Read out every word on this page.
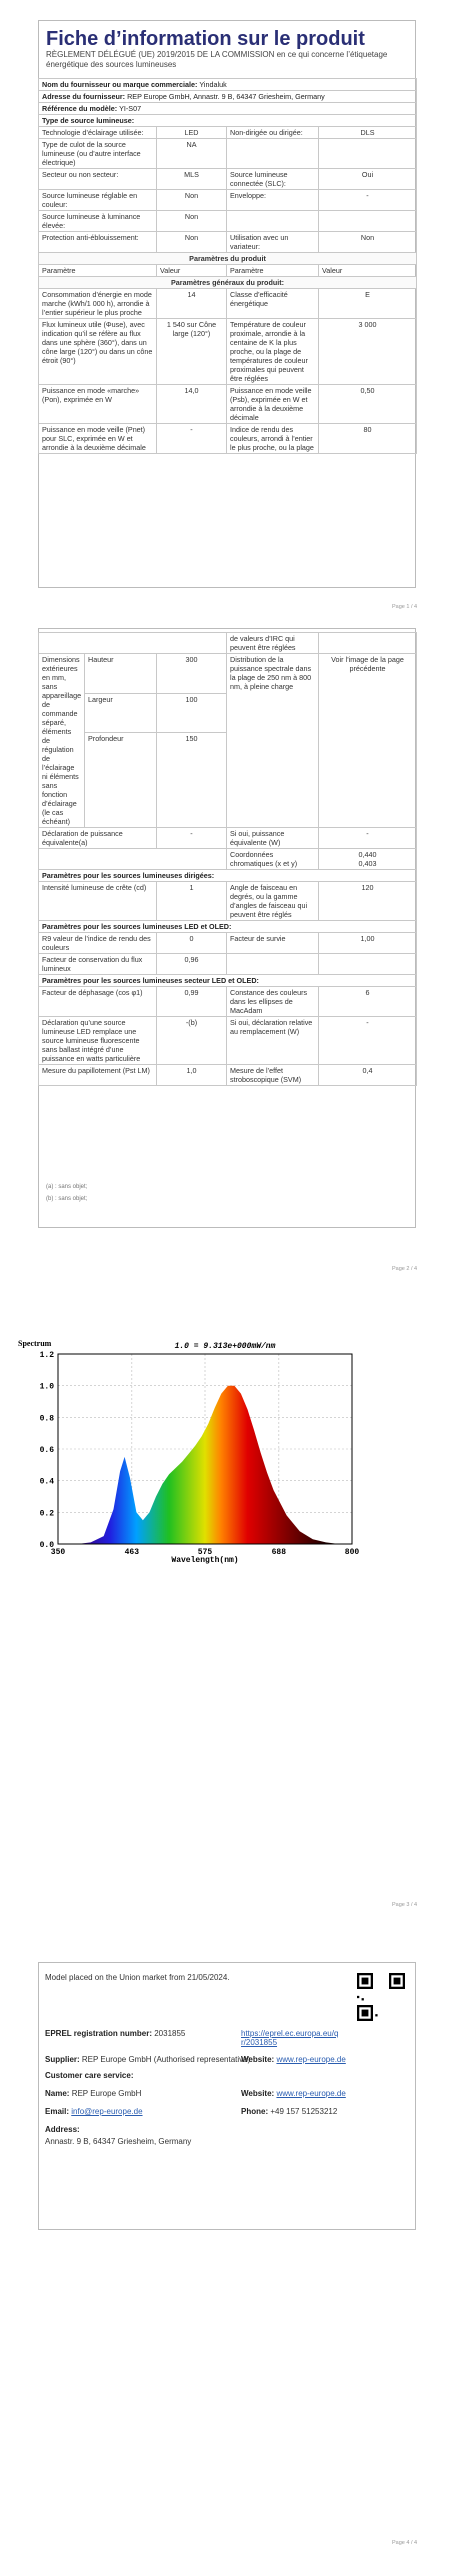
Fiche d’information sur le produit
RÈGLEMENT DÉLÉGUÉ (UE) 2019/2015 DE LA COMMISSION en ce qui concerne l’étiquetage énergétique des sources lumineuses
Nom du fournisseur ou marque commerciale: Yindaluk			
Adresse du fournisseur: REP Europe GmbH, Annastr. 9 B, 64347 Griesheim, Germany			
Référence du modèle: YI-S07			
Type de source lumineuse:			
Technologie d’éclairage utilisée:	LED	Non-dirigée ou dirigée:	DLS
Type de culot de la source lumineuse (ou d’autre interface électrique)	NA		
Secteur ou non secteur:	MLS	Source lumineuse connectée (SLC):	Oui
Source lumineuse réglable en couleur:	Non	Enveloppe:	-
Source lumineuse à luminance élevée:	Non		
Protection anti-éblouissement:	Non	Utilisation avec un variateur:	Non
Paramètres du produit			
Paramètre	Valeur	Paramètre	Valeur
Paramètres généraux du produit:			
Consommation d’énergie en mode marche (kWh/1 000 h), arrondie à l’entier supérieur le plus proche	14	Classe d’efficacité énergétique	E
Flux lumineux utile (Φuse), avec indication qu’il se réfère au flux dans une sphère (360°), dans un cône large (120°) ou dans un cône étroit (90°)	1 540 sur Cône large (120°)	Température de couleur proximale, arrondie à la centaine de K la plus proche, ou la plage de températures de couleur proximales qui peuvent être réglées	3 000
Puissance en mode «marche» (Pon), exprimée en W	14,0	Puissance en mode veille (Psb), exprimée en W et arrondie à la deuxième décimale	0,50
Puissance en mode veille (Pnet) pour SLC, exprimée en W et arrondie à la deuxième décimale	-	Indice de rendu des couleurs, arrondi à l’entier le plus proche, ou la plage	80
Page 1 / 4
			de valeurs d’IRC qui peuvent être réglées	
Dimensions extérieures en mm, sans appareillage de commande séparé, éléments de régulation de l’éclairage ni éléments sans fonction d’éclairage (le cas échéant)	Hauteur	300	Distribution de la puissance spectrale dans la plage de 250 nm à 800 nm, à pleine charge	Voir l’image de la page précédente
	Largeur	100		
	Profondeur	150		
Déclaration de puissance équivalente(a)		-	Si oui, puissance équivalente (W)	-
			Coordonnées chromatiques (x et y)	0,440
0,403
Paramètres pour les sources lumineuses dirigées:				
Intensité lumineuse de crête (cd)		1	Angle de faisceau en degrés, ou la gamme d’angles de faisceau qui peuvent être réglés	120
Paramètres pour les sources lumineuses LED et OLED:				
R9 valeur de l’indice de rendu des couleurs		0	Facteur de survie	1,00
Facteur de conservation du flux lumineux		0,96		
Paramètres pour les sources lumineuses secteur LED et OLED:				
Facteur de déphasage (cos φ1)		0,99	Constance des couleurs dans les ellipses de MacAdam	6
Déclaration qu’une source lumineuse LED remplace une source lumineuse fluorescente sans ballast intégré d’une puissance en watts particulière		-(b)	Si oui, déclaration relative au remplacement (W)	-
Mesure du papillotement (Pst LM)		1,0	Mesure de l’effet stroboscopique (SVM)	0,4
(a) : sans objet;
(b) : sans objet;
Page 2 / 4
0.0
0.2
0.4
0.6
0.8
1.0
1.2
350	463	575	688	800
1.0 = 9.313e+000mW/nm
Spectrum
Wavelength(nm)
Page 3 / 4
Model placed on the Union market from 21/05/2024.
EPREL registration number: 2031855	https://eprel.ec.europa.eu/qr/2031855
Supplier: REP Europe GmbH (Authorised representative)
Website: www.rep-europe.de
Customer care service:
Name: REP Europe GmbH	Website: www.rep-europe.de
Email: info@rep-europe.de	Phone: +49 157 51253212
Address:
Annastr. 9 B, 64347 Griesheim, Germany
Page 4 / 4
